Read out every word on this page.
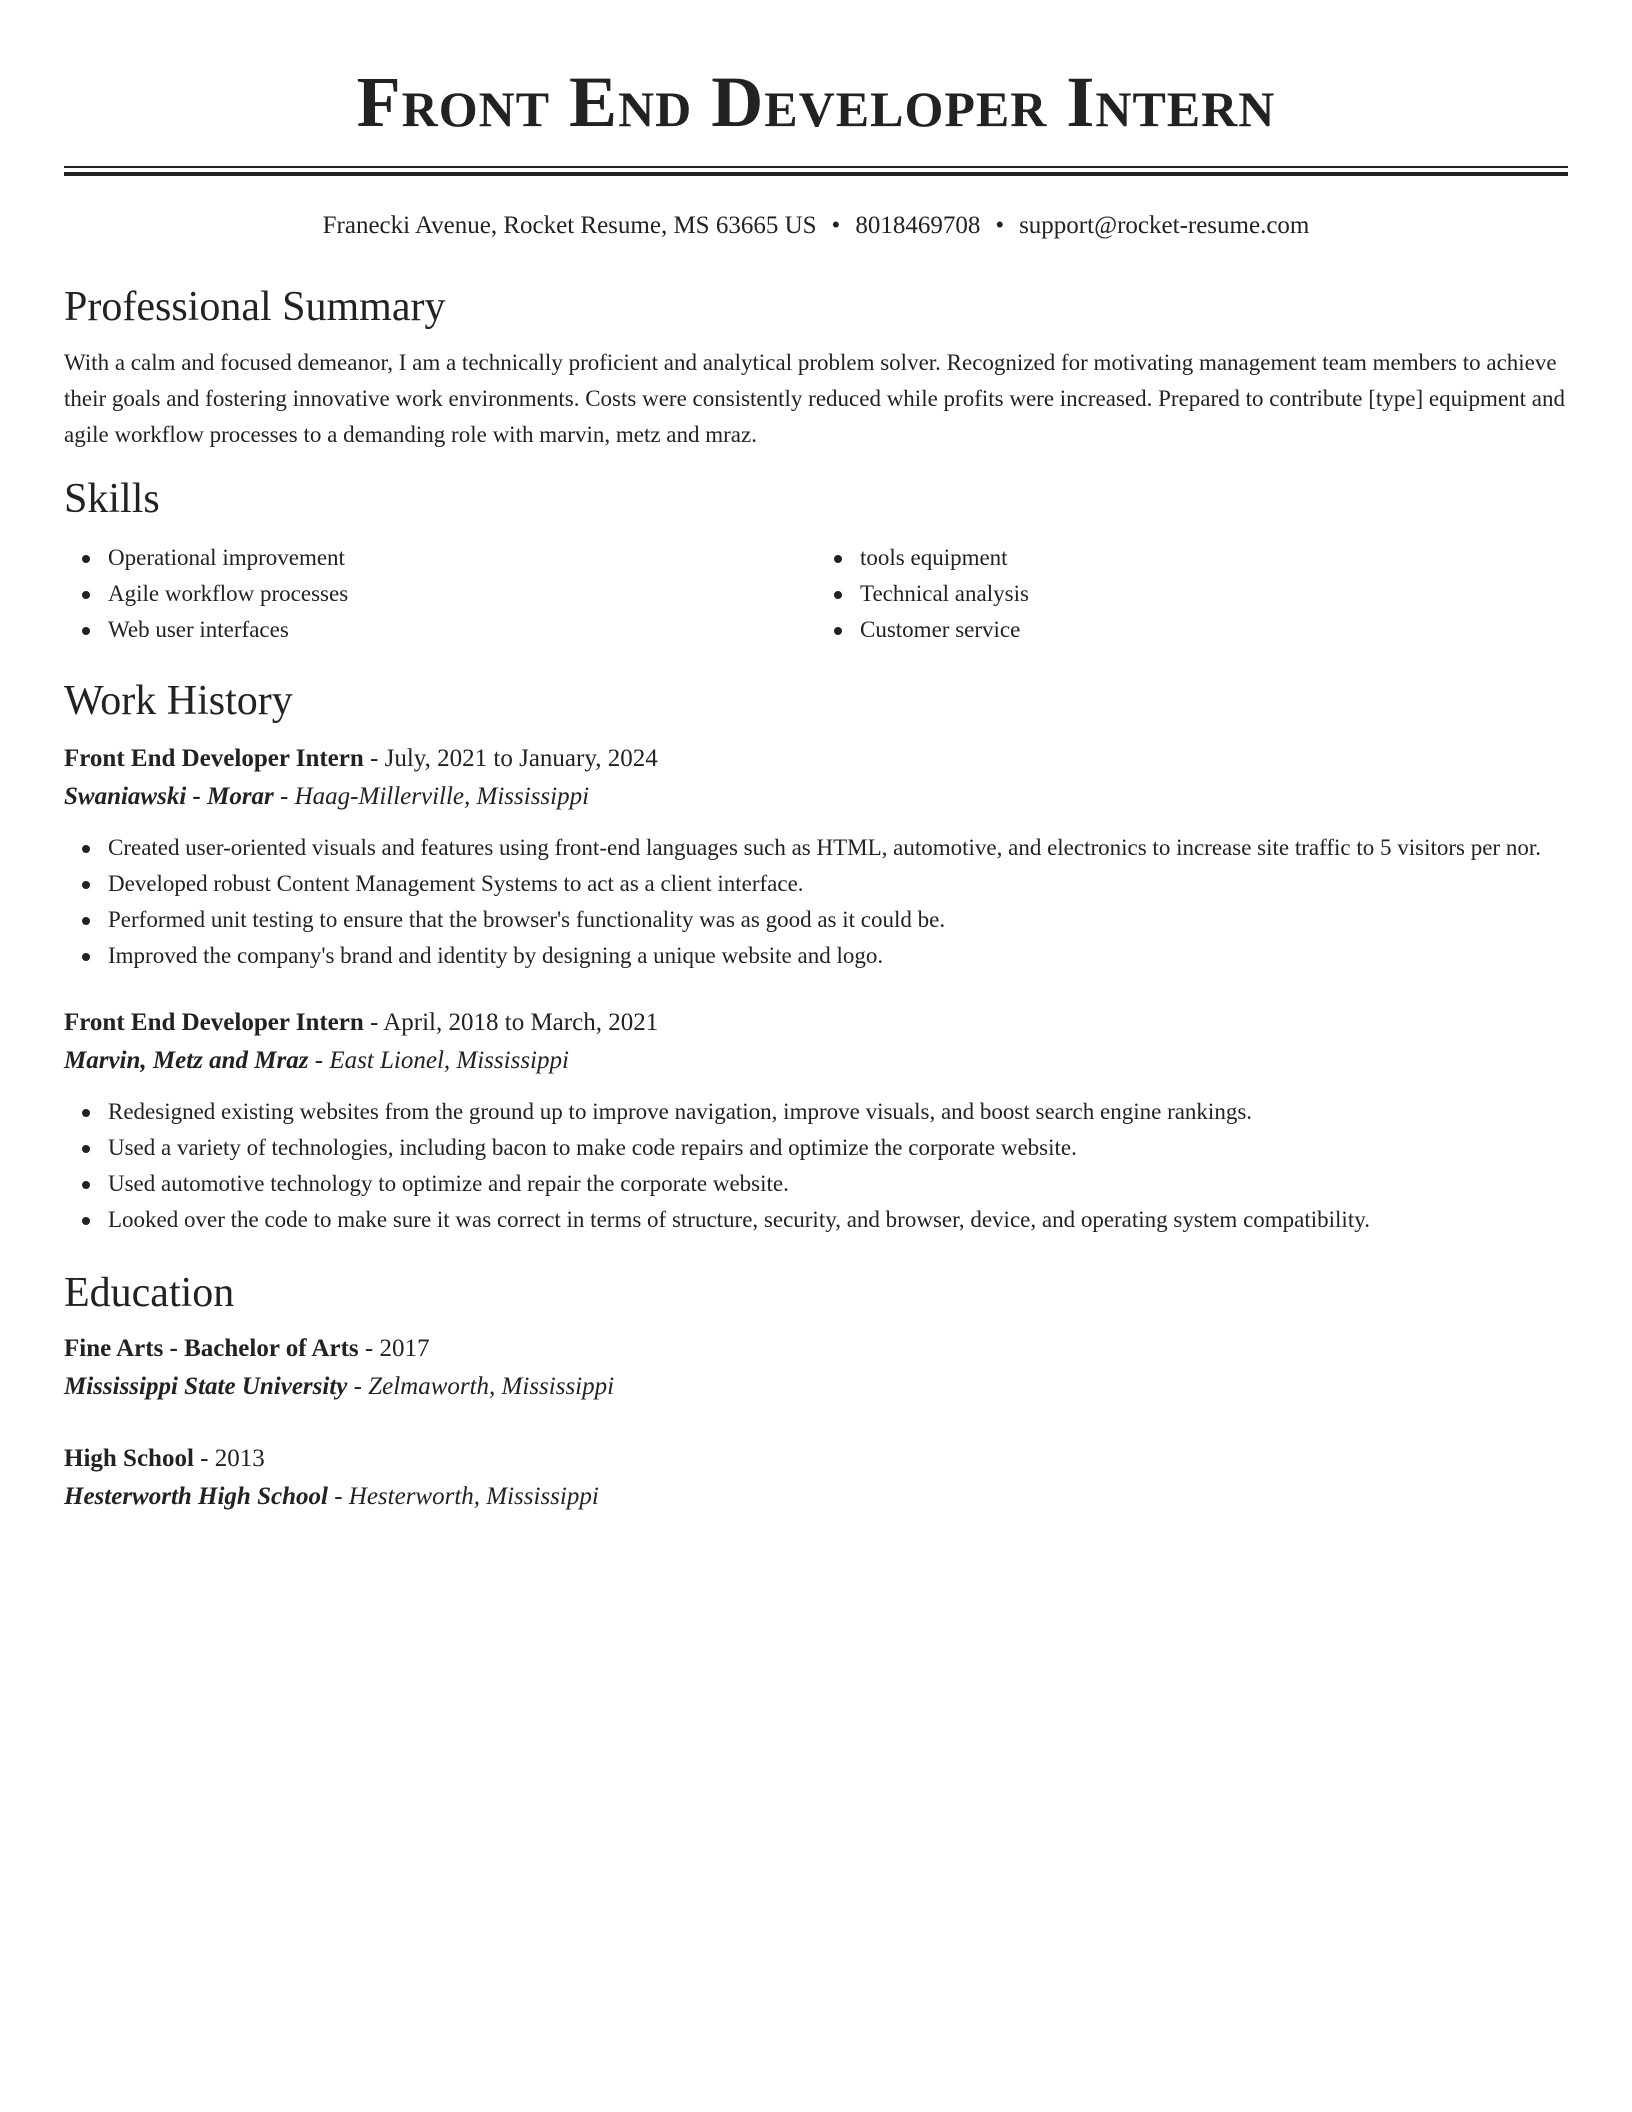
Front End Developer Intern
Franecki Avenue, Rocket Resume, MS 63665 US • 8018469708 • support@rocket-resume.com
Professional Summary
With a calm and focused demeanor, I am a technically proficient and analytical problem solver. Recognized for motivating management team members to achieve their goals and fostering innovative work environments. Costs were consistently reduced while profits were increased. Prepared to contribute [type] equipment and agile workflow processes to a demanding role with marvin, metz and mraz.
Skills
Operational improvement
Agile workflow processes
Web user interfaces
tools equipment
Technical analysis
Customer service
Work History
Front End Developer Intern - July, 2021 to January, 2024
Swaniawski - Morar - Haag-Millerville, Mississippi
Created user-oriented visuals and features using front-end languages such as HTML, automotive, and electronics to increase site traffic to 5 visitors per nor.
Developed robust Content Management Systems to act as a client interface.
Performed unit testing to ensure that the browser's functionality was as good as it could be.
Improved the company's brand and identity by designing a unique website and logo.
Front End Developer Intern - April, 2018 to March, 2021
Marvin, Metz and Mraz - East Lionel, Mississippi
Redesigned existing websites from the ground up to improve navigation, improve visuals, and boost search engine rankings.
Used a variety of technologies, including bacon to make code repairs and optimize the corporate website.
Used automotive technology to optimize and repair the corporate website.
Looked over the code to make sure it was correct in terms of structure, security, and browser, device, and operating system compatibility.
Education
Fine Arts - Bachelor of Arts - 2017
Mississippi State University - Zelmaworth, Mississippi
High School - 2013
Hesterworth High School - Hesterworth, Mississippi
